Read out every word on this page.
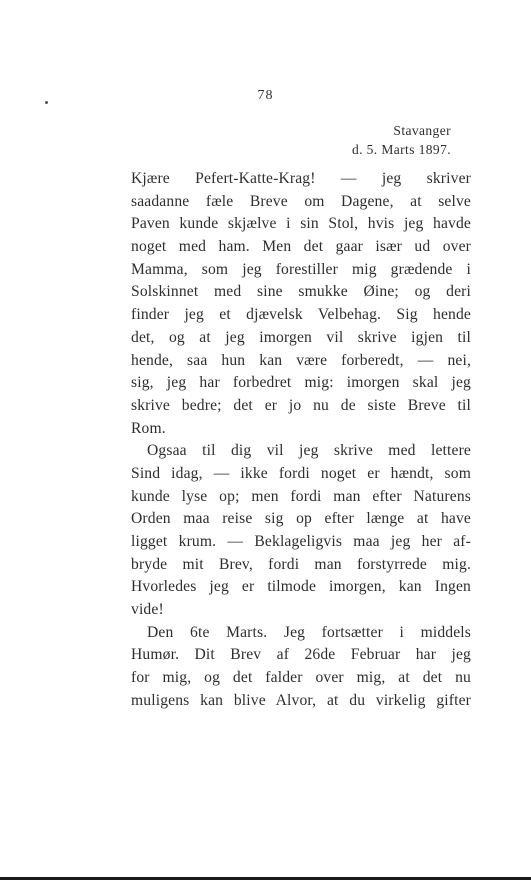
78
Stavanger
d. 5. Marts 1897.
Kjære Pefert-Katte-Krag! — jeg skriver
saadanne fæle Breve om Dagene, at selve
Paven kunde skjælve i sin Stol, hvis jeg havde
noget med ham. Men det gaar især ud over
Mamma, som jeg forestiller mig grædende i
Solskinnet med sine smukke Øine; og deri
finder jeg et djævelsk Velbehag. Sig hende
det, og at jeg imorgen vil skrive igjen til
hende, saa hun kan være forberedt, — nei,
sig, jeg har forbedret mig: imorgen skal jeg
skrive bedre; det er jo nu de siste Breve til
Rom.
Ogsaa til dig vil jeg skrive med lettere
Sind idag, — ikke fordi noget er hændt, som
kunde lyse op; men fordi man efter Naturens
Orden maa reise sig op efter længe at have
ligget krum. — Beklageligvis maa jeg her af-
bryde mit Brev, fordi man forstyrrede mig.
Hvorledes jeg er tilmode imorgen, kan Ingen
vide!
Den 6te Marts. Jeg fortsætter i middels
Humør. Dit Brev af 26de Februar har jeg
for mig, og det falder over mig, at det nu
muligens kan blive Alvor, at du virkelig gifter
